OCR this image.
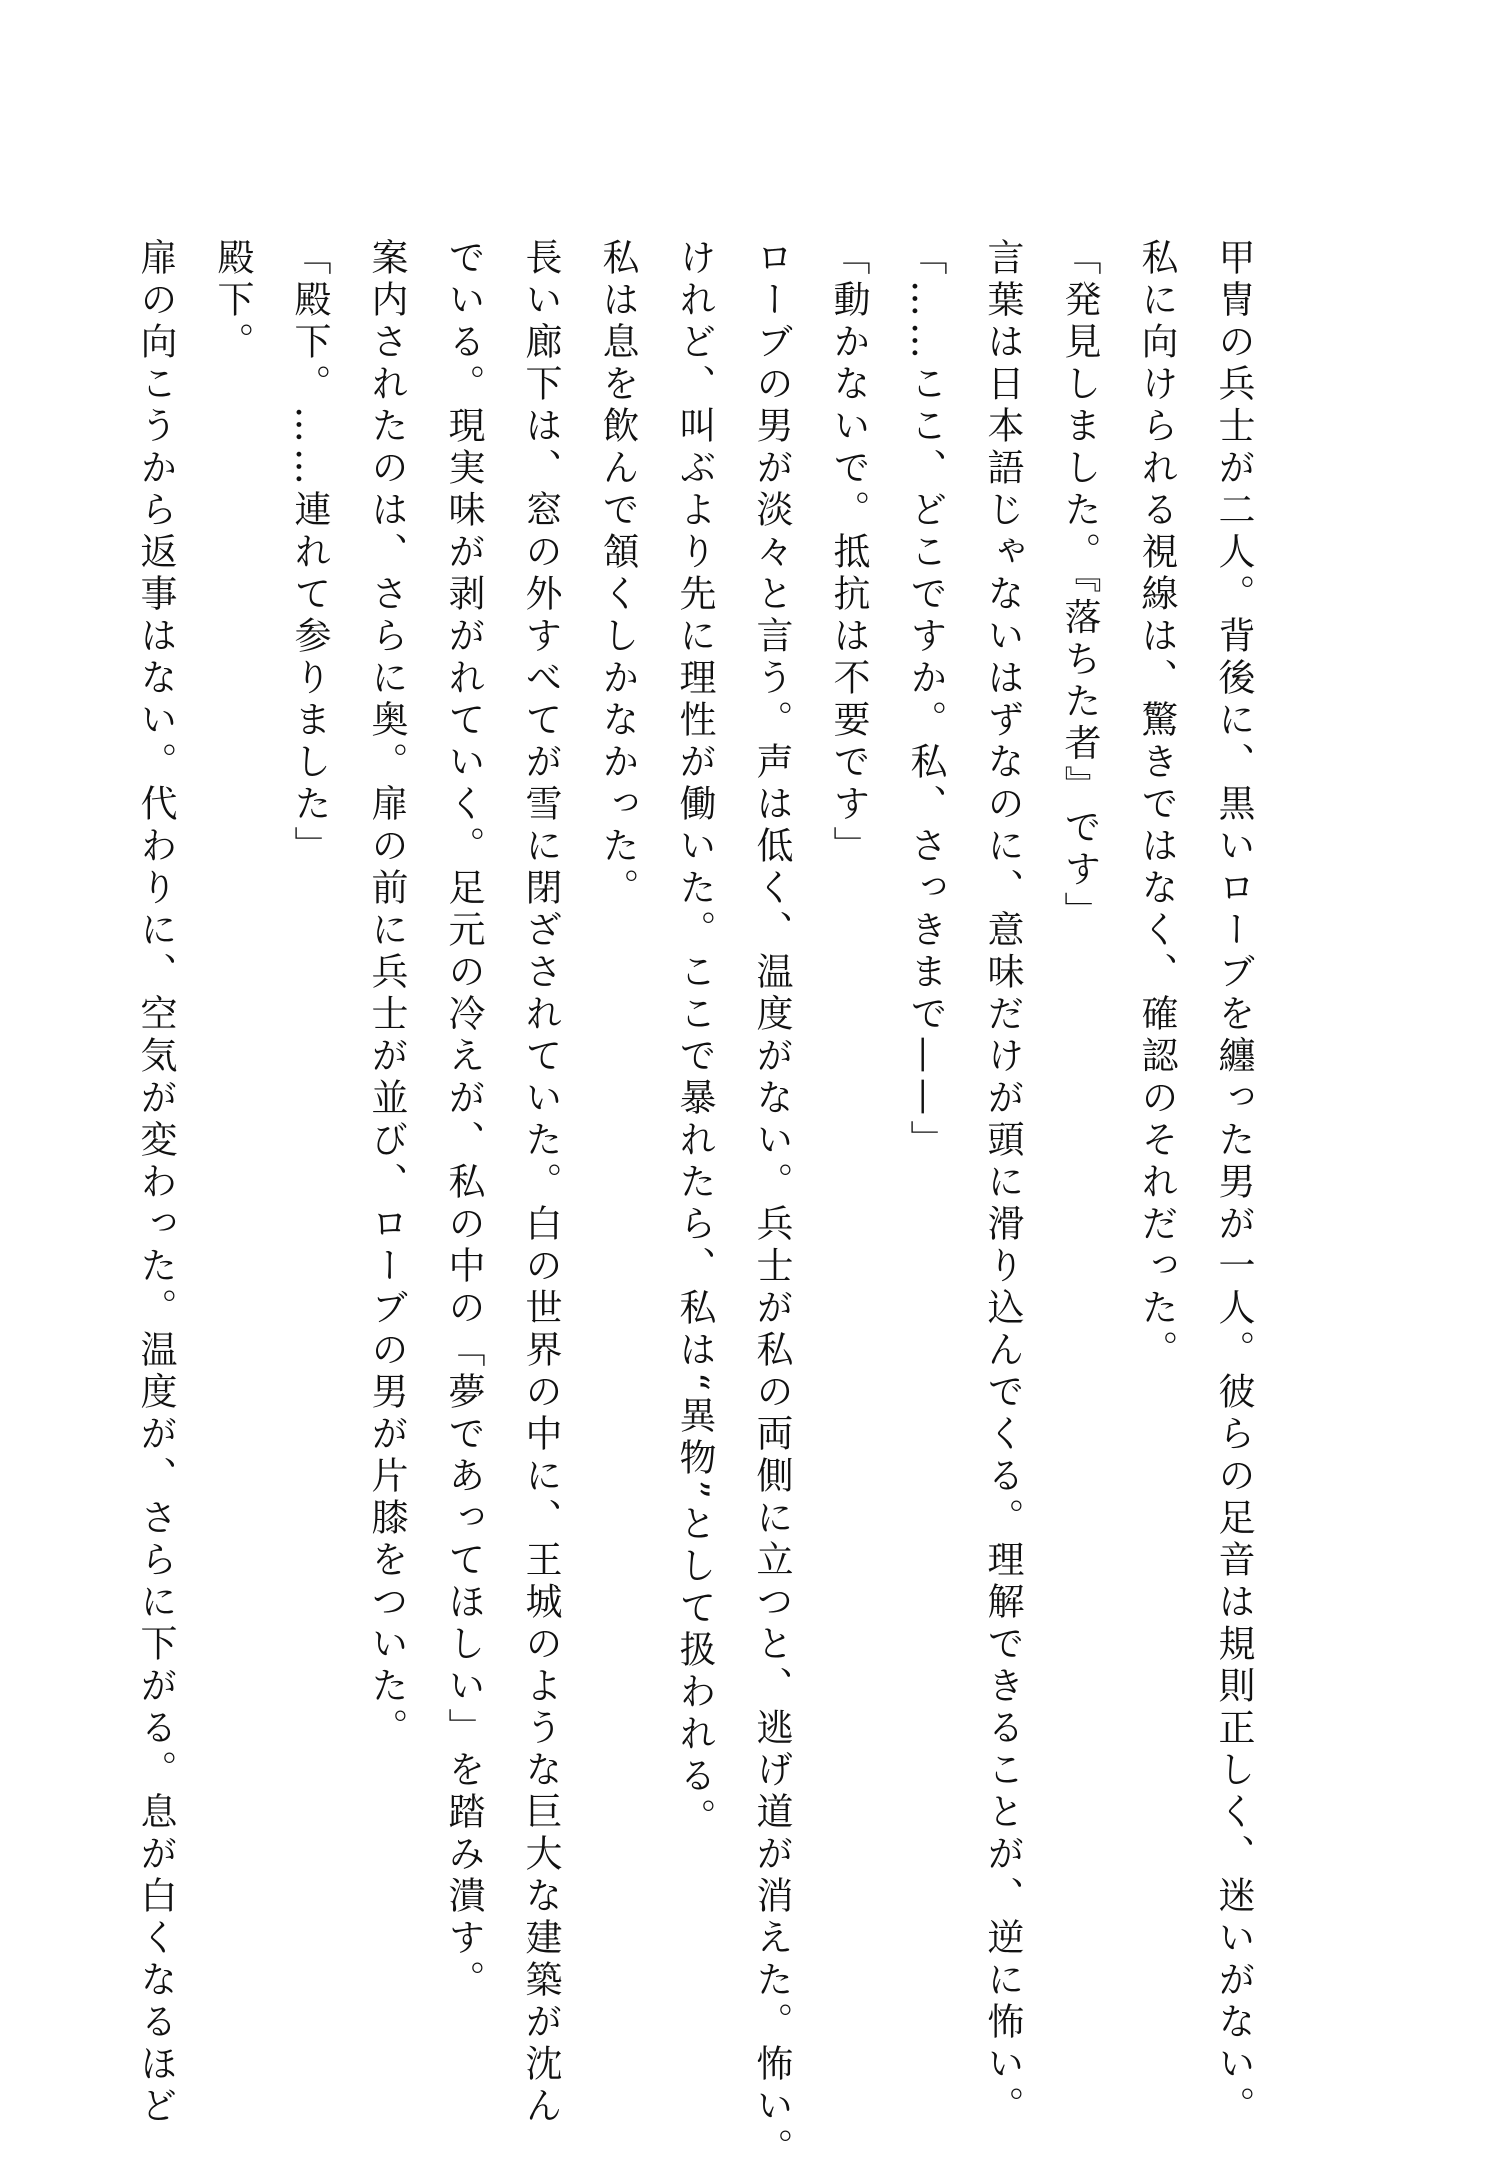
甲冑の兵士が二人。背後に、黒いローブを纏った男が一人。彼らの足音は規則正しく、迷いがない。
私に向けられる視線は、驚きではなく、確認のそれだった。
「発見しました。『落ちた者』です」
言葉は日本語じゃないはずなのに、意味だけが頭に滑り込んでくる。理解できることが、逆に怖い。
「……ここ、どこですか。私、さっきまで——」
「動かないで。抵抗は不要です」
ローブの男が淡々と言う。声は低く、温度がない。兵士が私の両側に立つと、逃げ道が消えた。怖い。
けれど、叫ぶより先に理性が働いた。ここで暴れたら、私は“異物”として扱われる。
私は息を飲んで頷くしかなかった。
長い廊下は、窓の外すべてが雪に閉ざされていた。白の世界の中に、王城のような巨大な建築が沈ん
でいる。現実味が剥がれていく。足元の冷えが、私の中の「夢であってほしい」を踏み潰す。
案内されたのは、さらに奥。扉の前に兵士が並び、ローブの男が片膝をついた。
「殿下。……連れて参りました」
殿下。
扉の向こうから返事はない。代わりに、空気が変わった。温度が、さらに下がる。息が白くなるほど
